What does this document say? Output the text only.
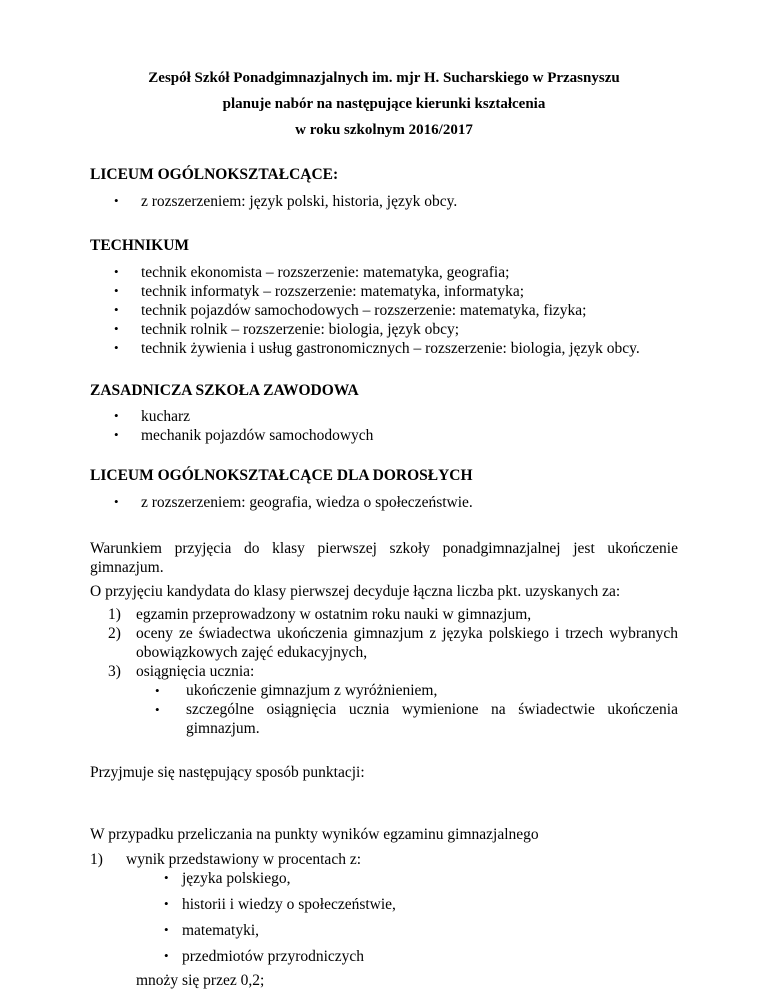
Zespół Szkół Ponadgimnazjalnych im. mjr H. Sucharskiego w Przasnyszu
planuje nabór na następujące kierunki kształcenia
w roku szkolnym 2016/2017
LICEUM OGÓLNOKSZTAŁCĄCE:
• z rozszerzeniem: język polski, historia, język obcy.
TECHNIKUM
• technik ekonomista – rozszerzenie: matematyka, geografia;
• technik informatyk – rozszerzenie: matematyka, informatyka;
• technik pojazdów samochodowych – rozszerzenie: matematyka, fizyka;
• technik rolnik – rozszerzenie: biologia, język obcy;
• technik żywienia i usług gastronomicznych – rozszerzenie: biologia, język obcy.
ZASADNICZA SZKOŁA ZAWODOWA
• kucharz
• mechanik pojazdów samochodowych
LICEUM OGÓLNOKSZTAŁCĄCE DLA DOROSŁYCH
• z rozszerzeniem: geografia, wiedza o społeczeństwie.
Warunkiem przyjęcia do klasy pierwszej szkoły ponadgimnazjalnej jest ukończenie gimnazjum.
O przyjęciu kandydata do klasy pierwszej decyduje łączna liczba pkt. uzyskanych za:
1) egzamin przeprowadzony w ostatnim roku nauki w gimnazjum,
2) oceny ze świadectwa ukończenia gimnazjum z języka polskiego i trzech wybranych obowiązkowych zajęć edukacyjnych,
3) osiągnięcia ucznia:
• ukończenie gimnazjum z wyróżnieniem,
• szczególne osiągnięcia ucznia wymienione na świadectwie ukończenia gimnazjum.
Przyjmuje się następujący sposób punktacji:
W przypadku przeliczania na punkty wyników egzaminu gimnazjalnego
1) wynik przedstawiony w procentach z:
• języka polskiego,
• historii i wiedzy o społeczeństwie,
• matematyki,
• przedmiotów przyrodniczych
mnoży się przez 0,2;
